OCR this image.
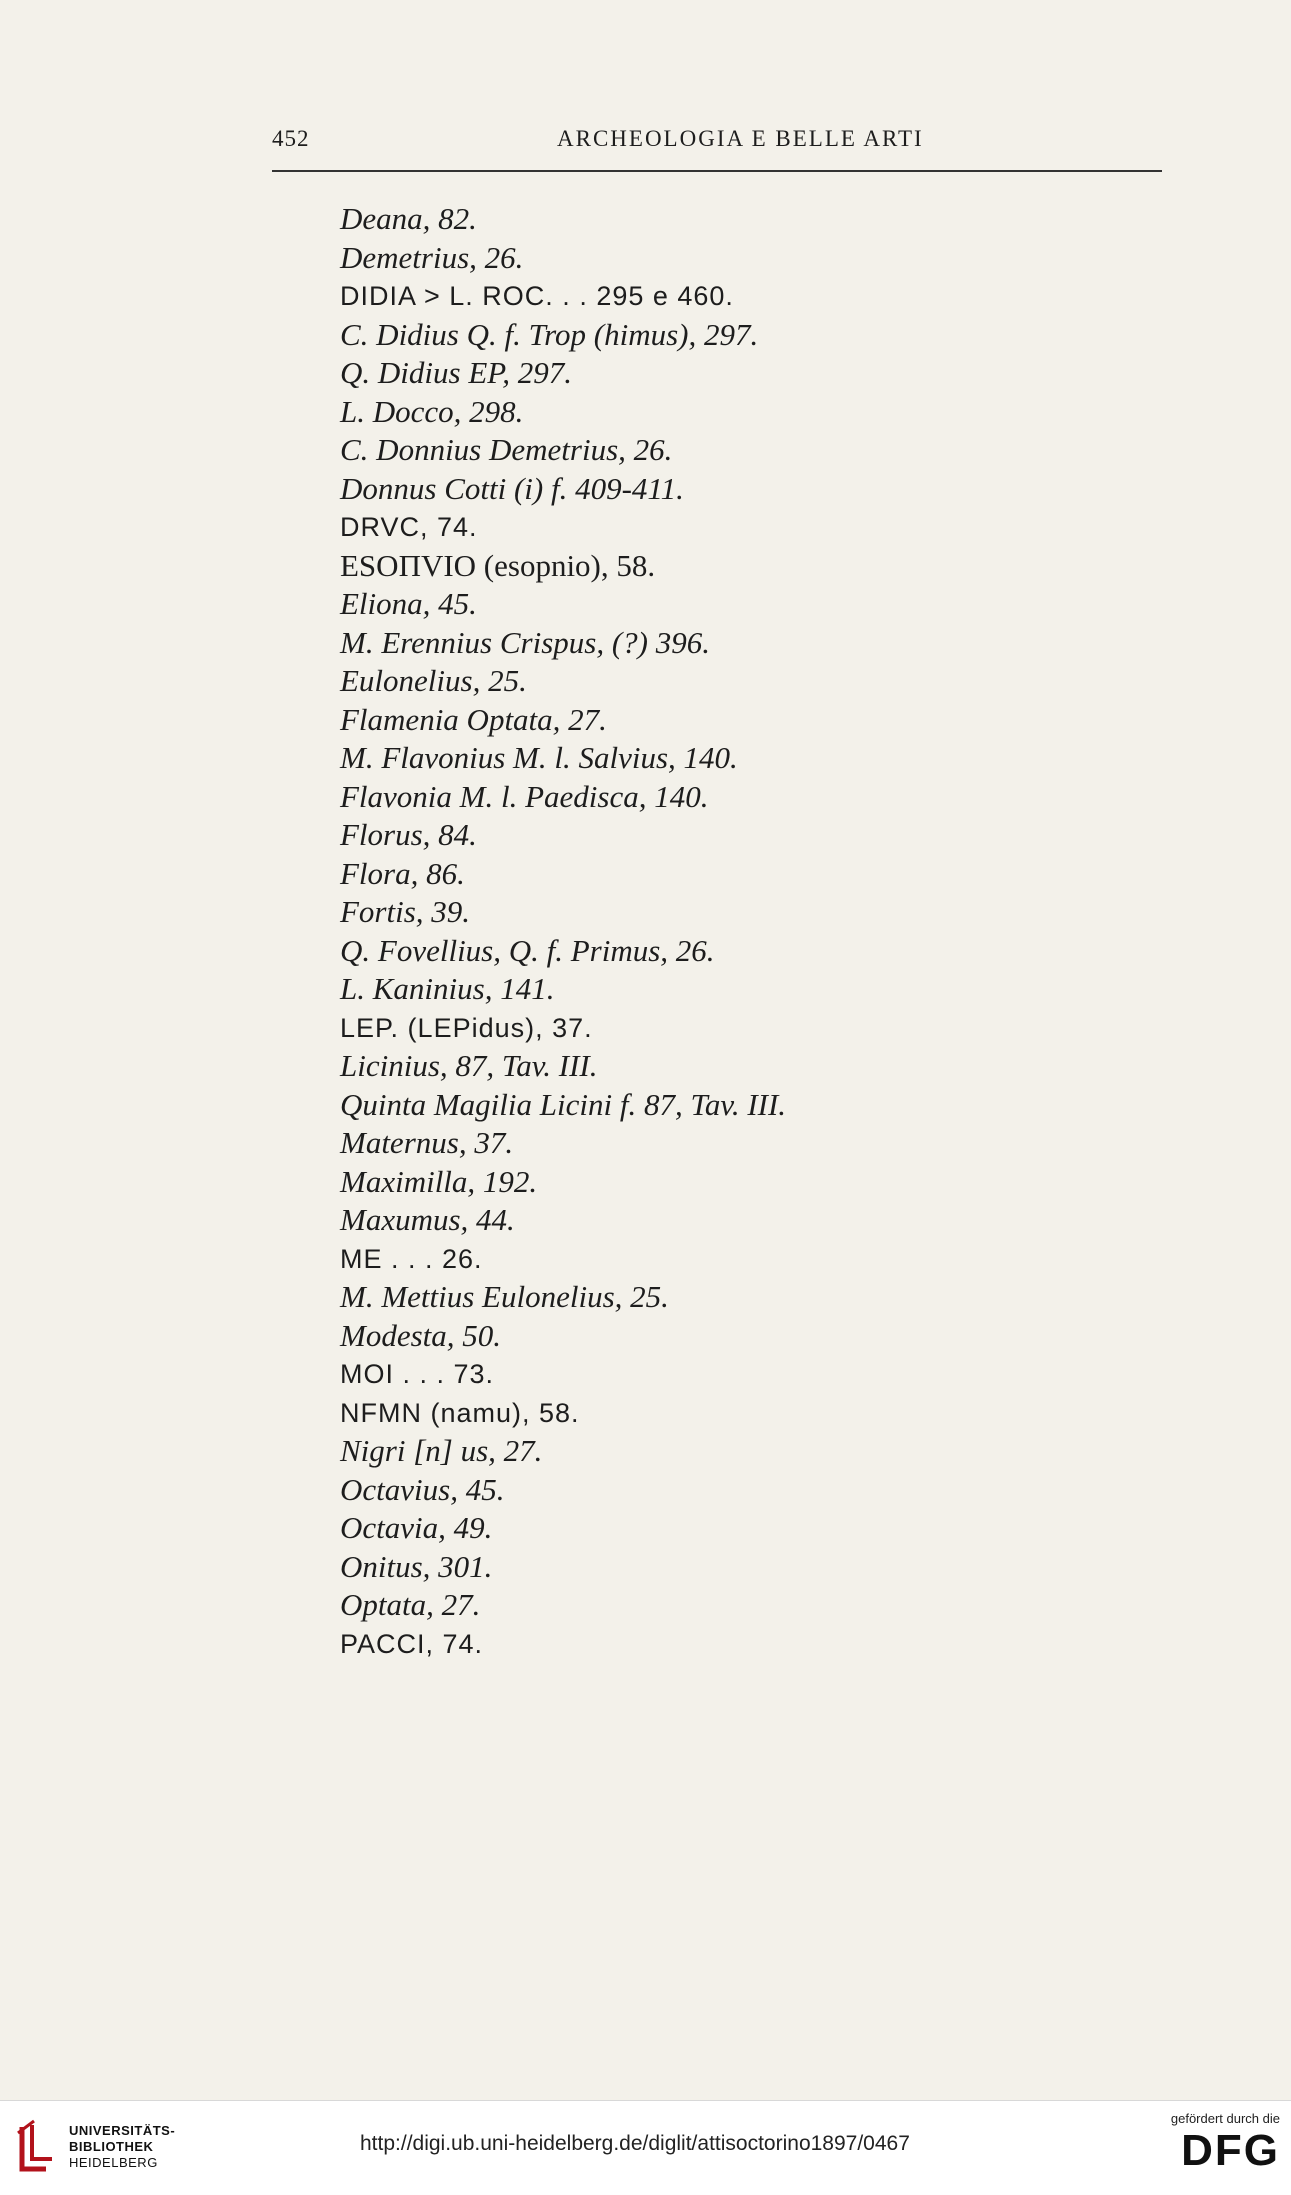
452	ARCHEOLOGIA E BELLE ARTI
Deana, 82.
Demetrius, 26.
DIDIA > L. ROC. . . 295 e 460.
C. Didius Q. f. Trop (himus), 297.
Q. Didius EP, 297.
L. Docco, 298.
C. Donnius Demetrius, 26.
Donnus Cotti (i) f. 409-411.
DRVC, 74.
ESOПVIO (esopnio), 58.
Eliona, 45.
M. Erennius Crispus, (?) 396.
Eulonelius, 25.
Flamenia Optata, 27.
M. Flavonius M. l. Salvius, 140.
Flavonia M. l. Paedisca, 140.
Florus, 84.
Flora, 86.
Fortis, 39.
Q. Fovellius, Q. f. Primus, 26.
L. Kaninius, 141.
LEP. (LEPidus), 37.
Licinius, 87, Tav. III.
Quinta Magilia Licini f. 87, Tav. III.
Maternus, 37.
Maximilla, 192.
Maxumus, 44.
ME . . . 26.
M. Mettius Eulonelius, 25.
Modesta, 50.
MOI . . . 73.
NFMN (namu), 58.
Nigri [n] us, 27.
Octavius, 45.
Octavia, 49.
Onitus, 301.
Optata, 27.
PACCI, 74.
UNIVERSITÄTS-
BIBLIOTHEK
HEIDELBERG
http://digi.ub.uni-heidelberg.de/diglit/attisoctorino1897/0467
gefördert durch die
DFG
